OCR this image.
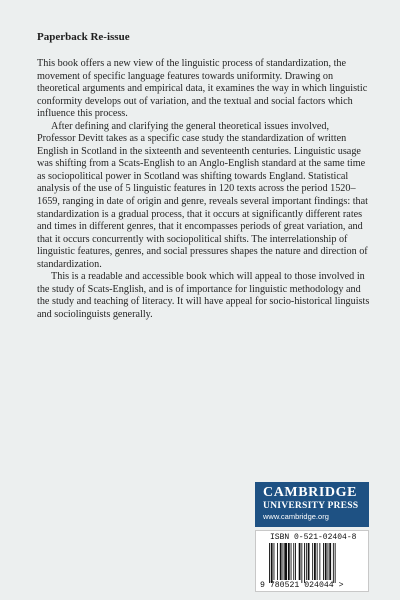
Paperback Re-issue

This book offers a new view of the linguistic process of standardization, the movement of specific language features towards uniformity. Drawing on theoretical arguments and empirical data, it examines the way in which linguistic conformity develops out of variation, and the textual and social factors which influence this process.

After defining and clarifying the general theoretical issues involved, Professor Devitt takes as a specific case study the standardization of written English in Scotland in the sixteenth and seventeenth centuries. Linguistic usage was shifting from a Scats-English to an Anglo-English standard at the same time as sociopolitical power in Scotland was shifting towards England. Statistical analysis of the use of 5 linguistic features in 120 texts across the period 1520–1659, ranging in date of origin and genre, reveals several important findings: that standardization is a gradual process, that it occurs at significantly different rates and times in different genres, that it encompasses periods of great variation, and that it occurs concurrently with sociopolitical shifts. The interrelationship of linguistic features, genres, and social pressures shapes the nature and direction of standardization.

This is a readable and accessible book which will appeal to those involved in the study of Scats-English, and is of importance for linguistic methodology and the study and teaching of literacy. It will have appeal for socio-historical linguists and sociolinguists generally.

CAMBRIDGE
UNIVERSITY PRESS
www.cambridge.org
ISBN 0-521-02404-8
9 780521 024044 >
